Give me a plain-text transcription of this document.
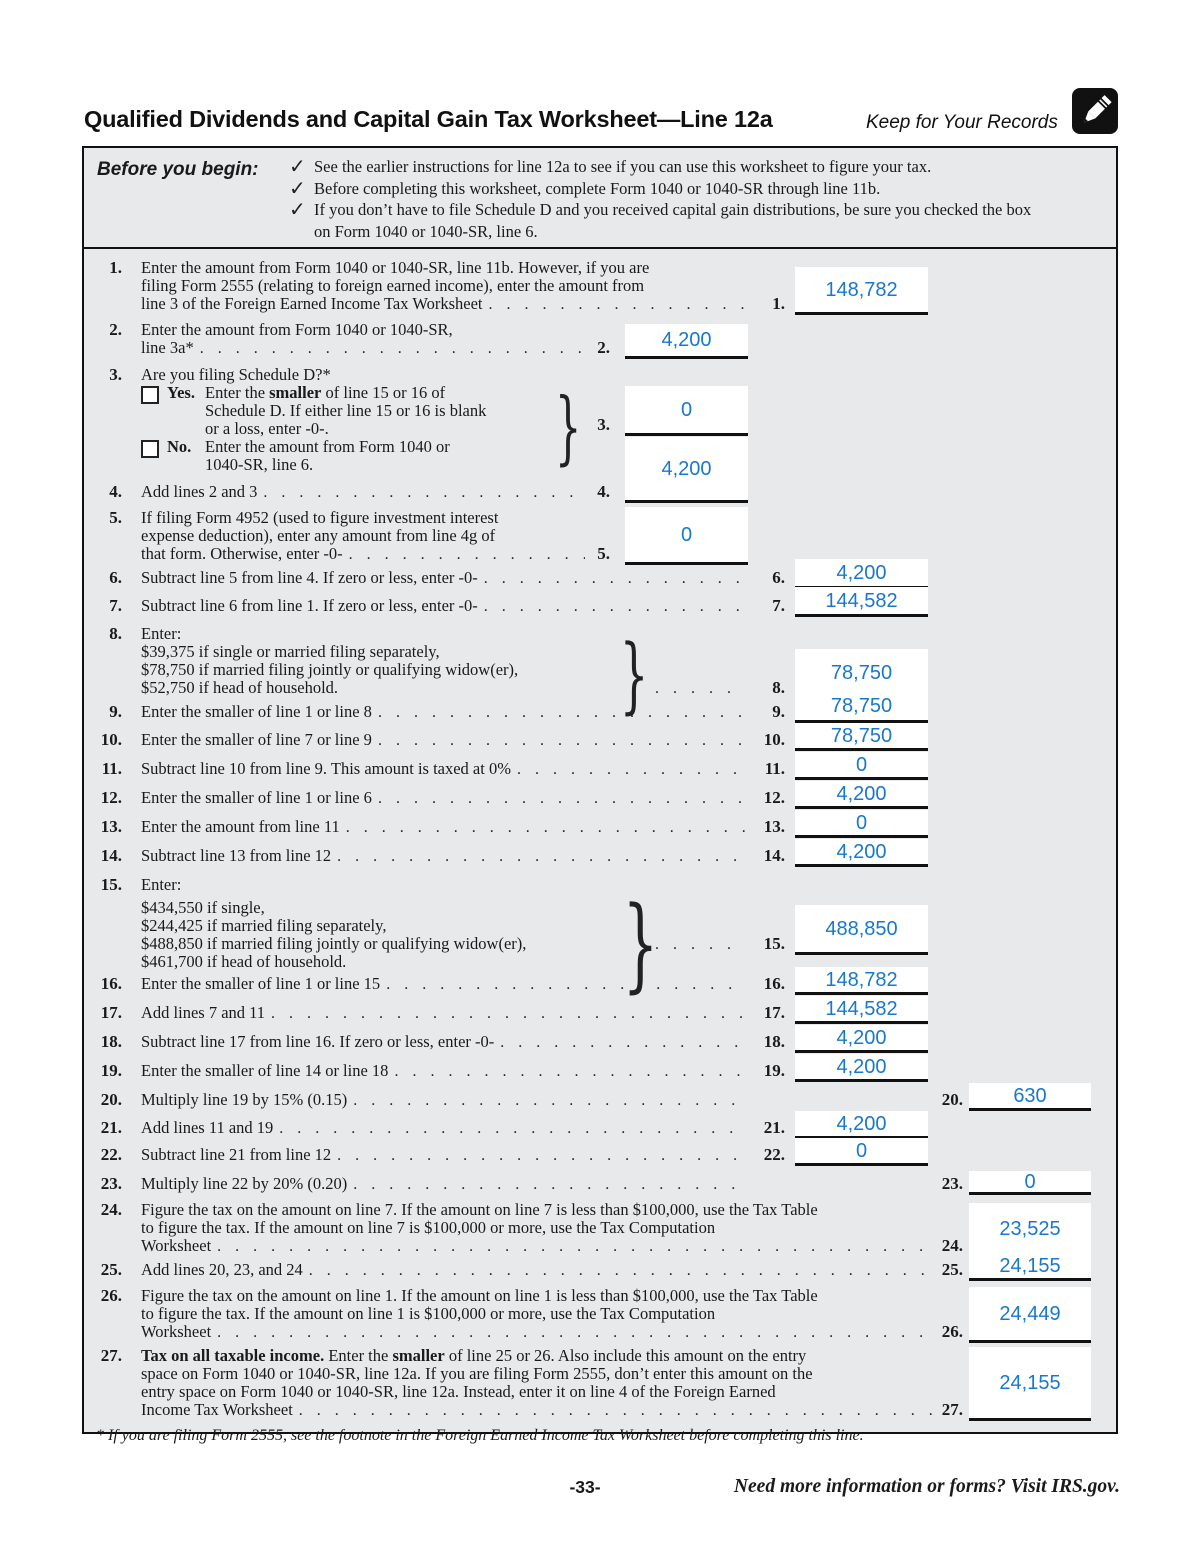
Qualified Dividends and Capital Gain Tax Worksheet—Line 12a	Keep for Your Records
Before you begin:	✓ See the earlier instructions for line 12a to see if you can use this worksheet to figure your tax.
✓ Before completing this worksheet, complete Form 1040 or 1040-SR through line 11b.
✓ If you don’t have to file Schedule D and you received capital gain distributions, be sure you checked the box
on Form 1040 or 1040-SR, line 6.
1. Enter the amount from Form 1040 or 1040-SR, line 11b. However, if you are
filing Form 2555 (relating to foreign earned income), enter the amount from
line 3 of the Foreign Earned Income Tax Worksheet . . .	1.
148,782
2. Enter the amount from Form 1040 or 1040-SR,
line 3a* . . .	2.	4,200
3. Are you filing Schedule D?*
Yes. Enter the smaller of line 15 or 16 of
Schedule D. If either line 15 or 16 is blank
or a loss, enter -0-.
No. Enter the amount from Form 1040 or
1040-SR, line 6.
}
3.
0
4. Add lines 2 and 3 . . .	4.
4,200
5. If filing Form 4952 (used to figure investment interest
expense deduction), enter any amount from line 4g of
that form. Otherwise, enter -0- . . .	5.
0
6. Subtract line 5 from line 4. If zero or less, enter -0- . . .	6.	4,200
7. Subtract line 6 from line 1. If zero or less, enter -0- . . .	7. 144,582
8. Enter:
$39,375 if single or married filing separately,
$78,750 if married filing jointly or qualifying widow(er),
$52,750 if head of household. } . . .	8.
78,750
9. Enter the smaller of line 1 or line 8 . . .	9. 78,750
10. Enter the smaller of line 7 or line 9 . . .	10. 78,750
11. Subtract line 10 from line 9. This amount is taxed at 0% . . .	11.	0
12. Enter the smaller of line 1 or line 6 . . .	12.	4,200
13. Enter the amount from line 11 . . .	13.	0
14. Subtract line 13 from line 12 . . .	14.	4,200
15. Enter:
$434,550 if single,
$244,425 if married filing separately,
$488,850 if married filing jointly or qualifying widow(er),
$461,700 if head of household.
}
. . .
15.
488,850
16. Enter the smaller of line 1 or line 15 . . .	16. 148,782
17. Add lines 7 and 11 . . .	17. 144,582
18. Subtract line 17 from line 16. If zero or less, enter -0- . . .	18.	4,200
19. Enter the smaller of line 14 or line 18 . . .	19.	4,200
20. Multiply line 19 by 15% (0.15) . . .	20.	630
21. Add lines 11 and 19 . . .	21.	4,200
22. Subtract line 21 from line 12 . . .	22.	0
23. Multiply line 22 by 20% (0.20) . . .	23.	0
24. Figure the tax on the amount on line 7. If the amount on line 7 is less than $100,000, use the Tax Table
to figure the tax. If the amount on line 7 is $100,000 or more, use the Tax Computation
Worksheet . . .	24.
23,525
25. Add lines 20, 23, and 24 . . .	25. 24,155
26. Figure the tax on the amount on line 1. If the amount on line 1 is less than $100,000, use the Tax Table
to figure the tax. If the amount on line 1 is $100,000 or more, use the Tax Computation
Worksheet . . .	26.
24,449
27. Tax on all taxable income. Enter the smaller of line 25 or 26. Also include this amount on the entry
space on Form 1040 or 1040-SR, line 12a. If you are filing Form 2555, don’t enter this amount on the
entry space on Form 1040 or 1040-SR, line 12a. Instead, enter it on line 4 of the Foreign Earned
Income Tax Worksheet . . .	27.
24,155
* If you are filing Form 2555, see the footnote in the Foreign Earned Income Tax Worksheet before completing this line.
-33-	Need more information or forms? Visit IRS.gov.
